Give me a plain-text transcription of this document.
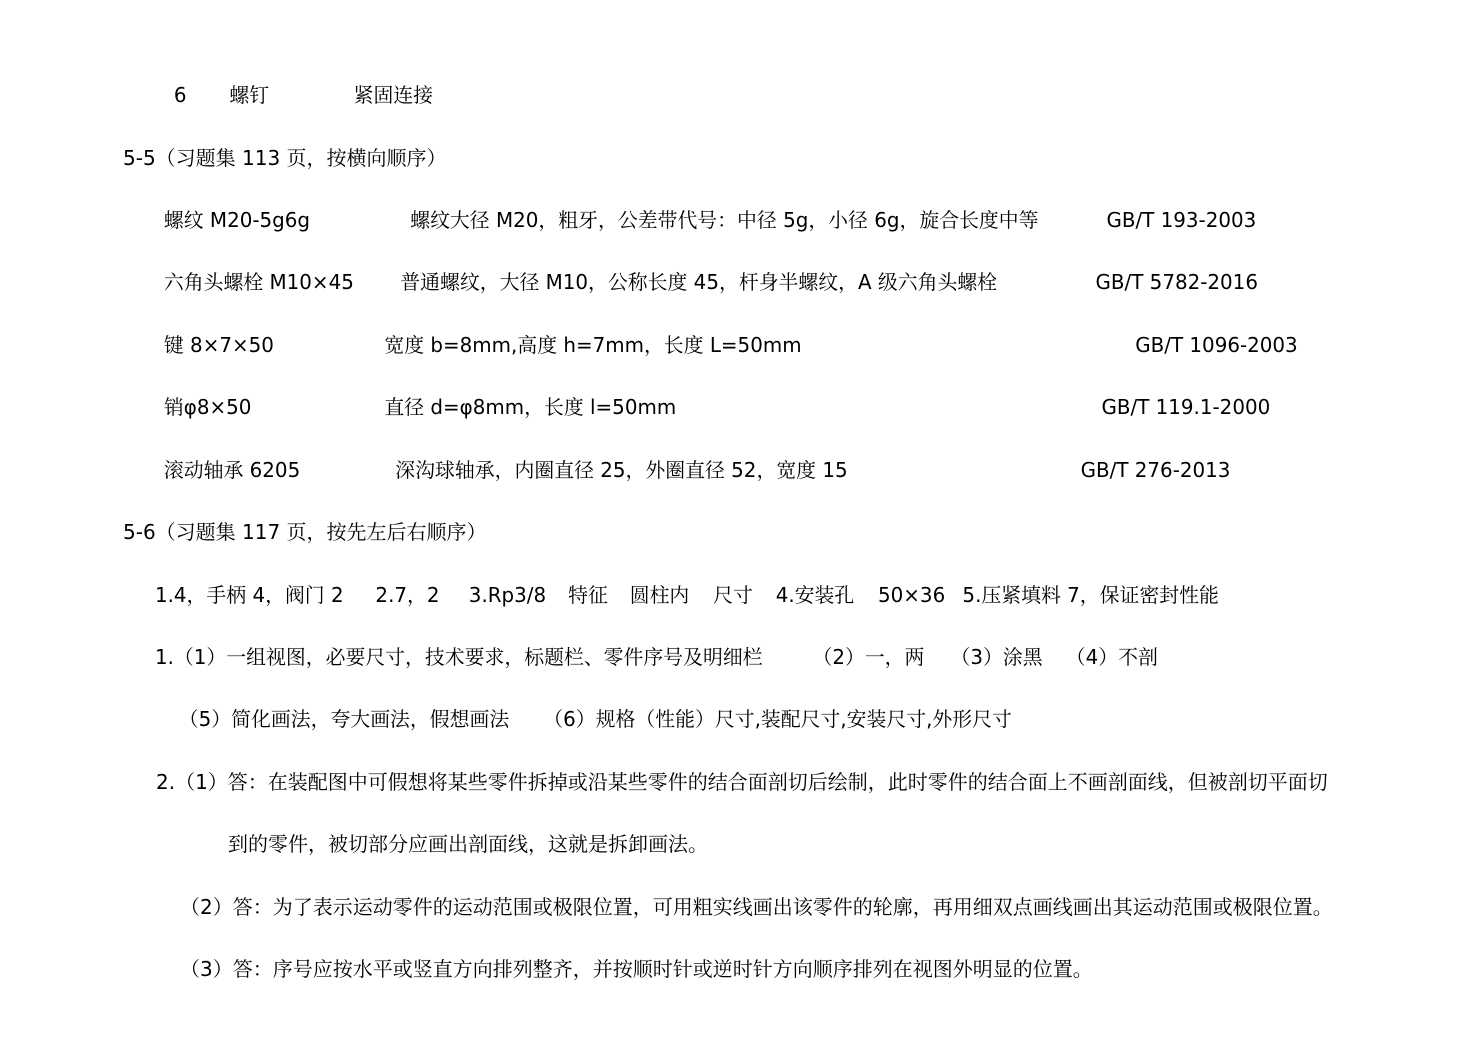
6 螺钉	紧固连接
5-5（习题集 113 页，按横向顺序）
螺纹 M20-5g6g	螺纹大径 M20，粗牙，公差带代号：中径 5g，小径 6g，旋合长度中等	GB/T 193-2003
六角头螺栓 M10×45 普通螺纹，大径 M10，公称长度 45，杆身半螺纹，A 级六角头螺栓	GB/T 5782-2016
键 8×7×50	宽度 b=8mm,高度 h=7mm，长度 L=50mm	GB/T 1096-2003
销φ8×50	直径 d=φ8mm，长度 l=50mm	GB/T 119.1-2000
滚动轴承 6205	深沟球轴承，内圈直径 25，外圈直径 52，宽度 15	GB/T 276-2013
5-6（习题集 117 页，按先左后右顺序）
1.4，手柄 4，阀门 2 2.7，2 3.Rp3/8 特征 圆柱内 尺寸 4.安装孔 50×36 5.压紧填料 7，保证密封性能
1.（1）一组视图，必要尺寸，技术要求，标题栏、零件序号及明细栏 （2）一，两 （3）涂黑 （4）不剖
（5）简化画法，夸大画法，假想画法 （6）规格（性能）尺寸,装配尺寸,安装尺寸,外形尺寸
2.（1）答：在装配图中可假想将某些零件拆掉或沿某些零件的结合面剖切后绘制，此时零件的结合面上不画剖面线，但被剖切平面切
到的零件，被切部分应画出剖面线，这就是拆卸画法。
（2）答：为了表示运动零件的运动范围或极限位置，可用粗实线画出该零件的轮廓，再用细双点画线画出其运动范围或极限位置。
（3）答：序号应按水平或竖直方向排列整齐，并按顺时针或逆时针方向顺序排列在视图外明显的位置。
